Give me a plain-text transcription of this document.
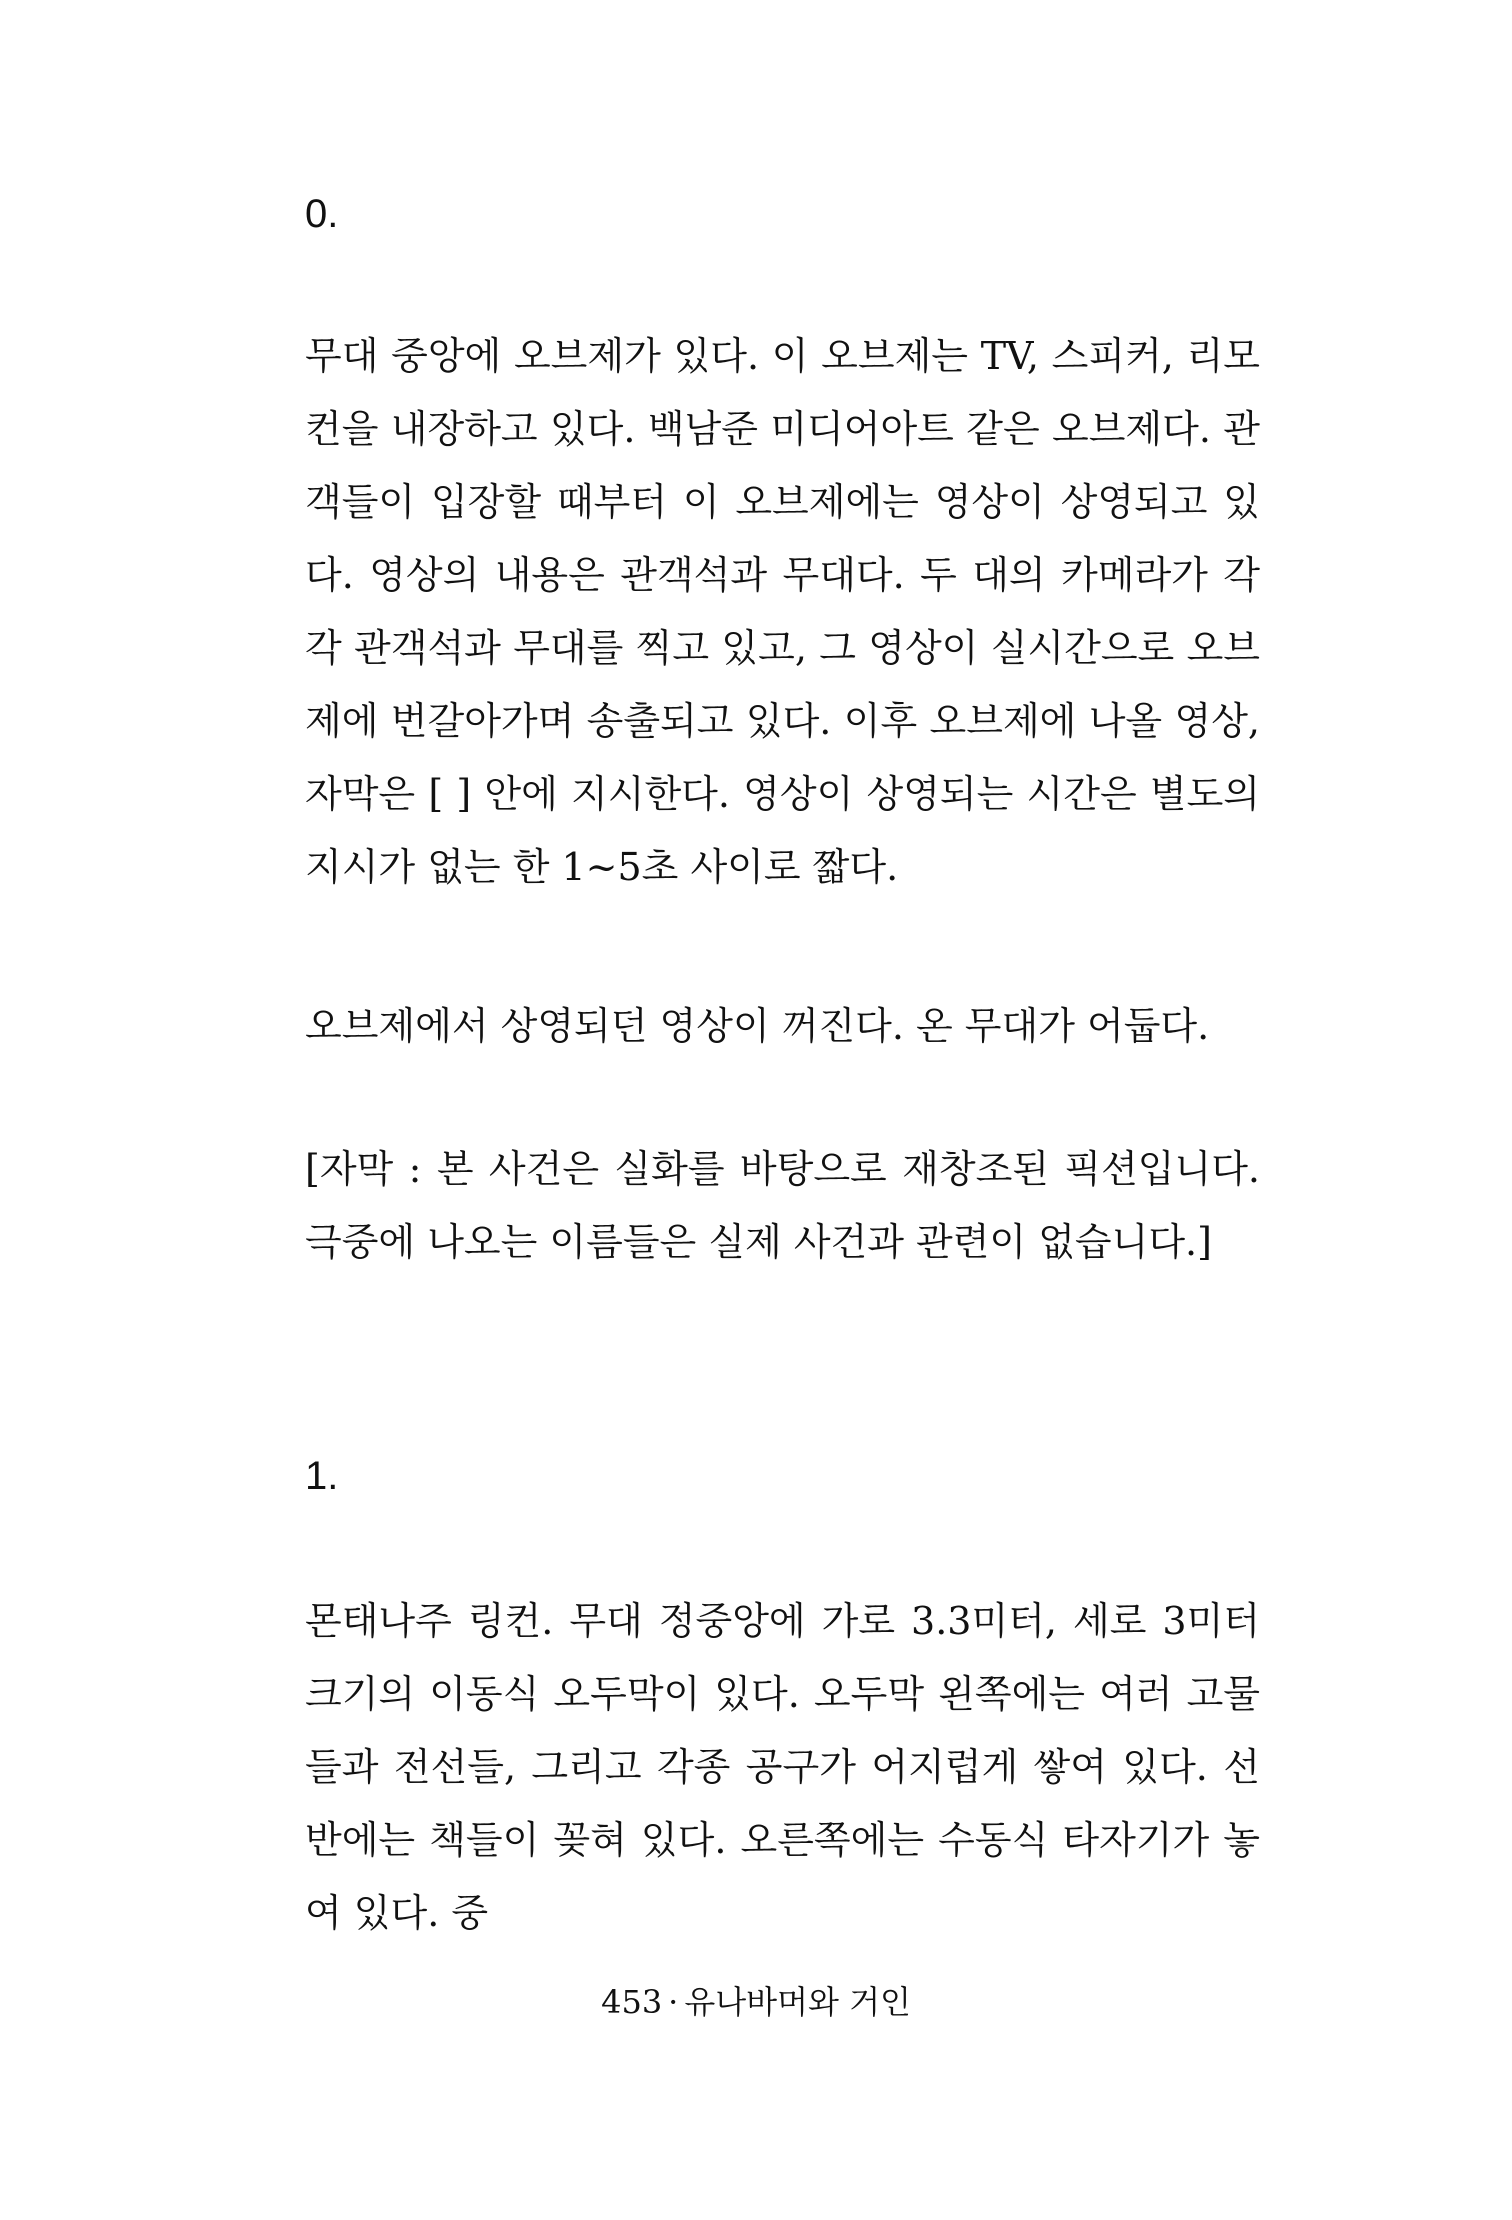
0.

무대 중앙에 오브제가 있다. 이 오브제는 TV, 스피커, 리모컨을 내장하고 있다. 백남준 미디어아트 같은 오브제다. 관객들이 입장할 때부터 이 오브제에는 영상이 상영되고 있다. 영상의 내용은 관객석과 무대다. 두 대의 카메라가 각각 관객석과 무대를 찍고 있고, 그 영상이 실시간으로 오브제에 번갈아가며 송출되고 있다. 이후 오브제에 나올 영상, 자막은 [ ] 안에 지시한다. 영상이 상영되는 시간은 별도의 지시가 없는 한 1~5초 사이로 짧다.

오브제에서 상영되던 영상이 꺼진다. 온 무대가 어둡다.

[자막 : 본 사건은 실화를 바탕으로 재창조된 픽션입니다. 극중에 나오는 이름들은 실제 사건과 관련이 없습니다.]

1.

몬태나주 링컨. 무대 정중앙에 가로 3.3미터, 세로 3미터 크기의 이동식 오두막이 있다. 오두막 왼쪽에는 여러 고물들과 전선들, 그리고 각종 공구가 어지럽게 쌓여 있다. 선반에는 책들이 꽂혀 있다. 오른쪽에는 수동식 타자기가 놓여 있다. 중

453 · 유나바머와 거인
